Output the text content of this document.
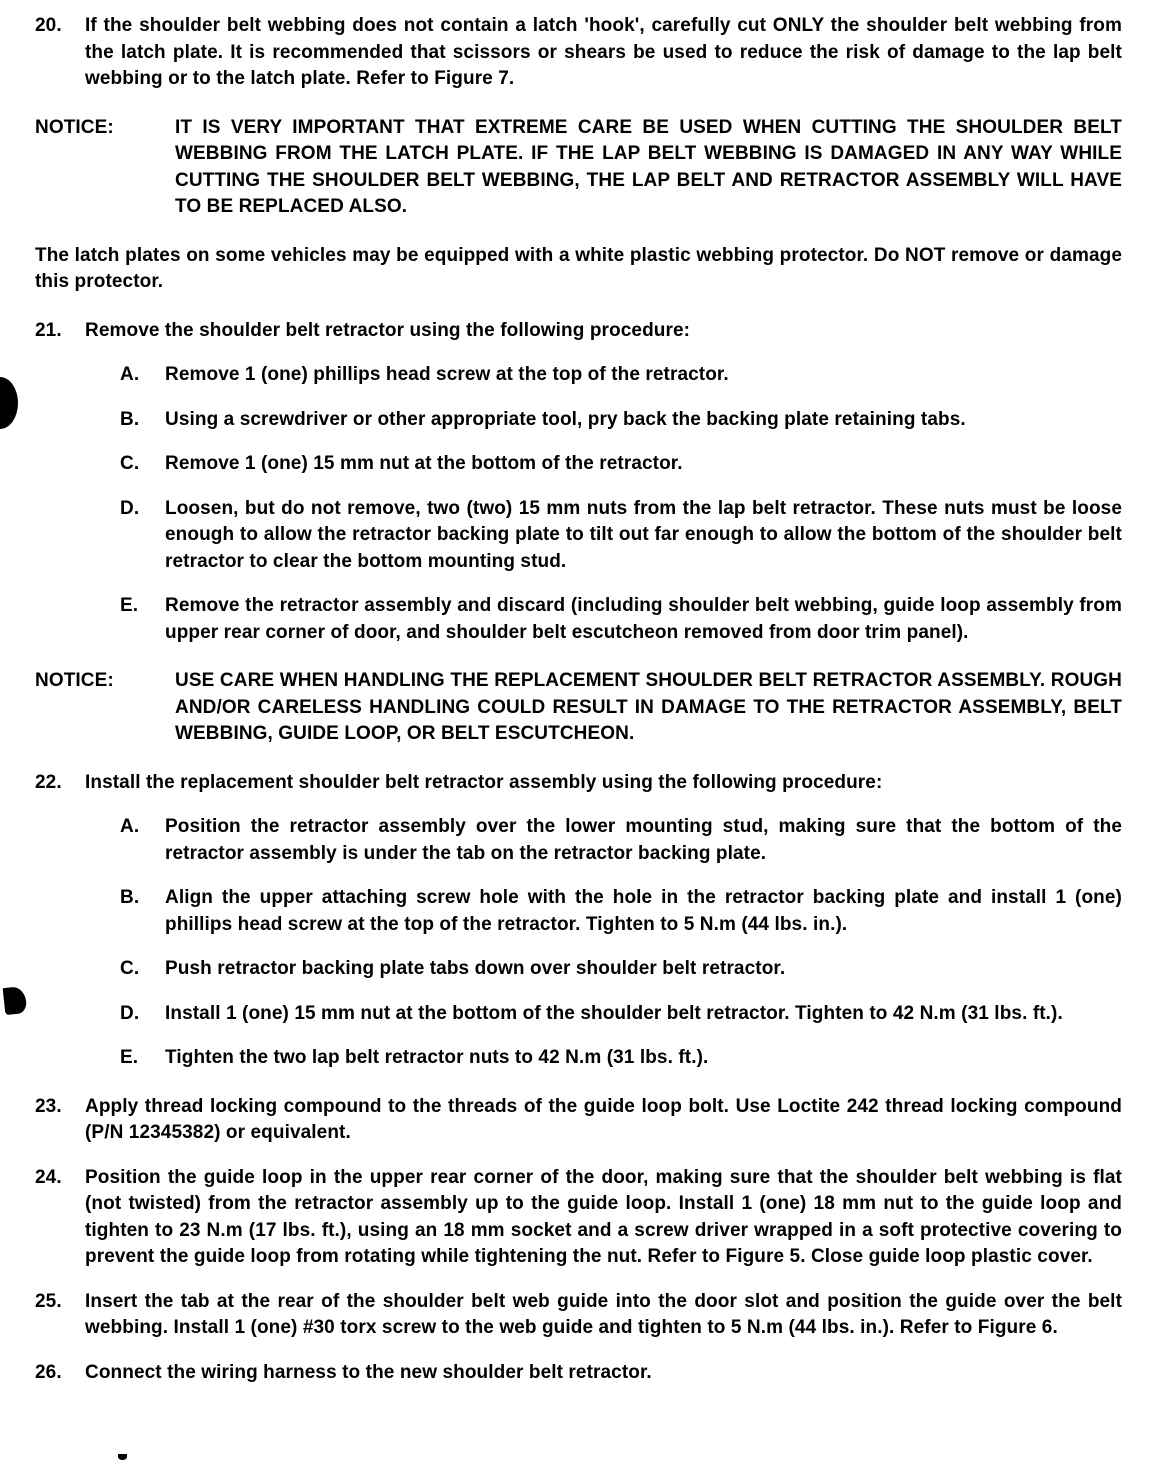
20.	If the shoulder belt webbing does not contain a latch 'hook', carefully cut ONLY the shoulder belt webbing from the latch plate. It is recommended that scissors or shears be used to reduce the risk of damage to the lap belt webbing or to the latch plate. Refer to Figure 7.
NOTICE:	IT IS VERY IMPORTANT THAT EXTREME CARE BE USED WHEN CUTTING THE SHOULDER BELT WEBBING FROM THE LATCH PLATE. IF THE LAP BELT WEBBING IS DAMAGED IN ANY WAY WHILE CUTTING THE SHOULDER BELT WEBBING, THE LAP BELT AND RETRACTOR ASSEMBLY WILL HAVE TO BE REPLACED ALSO.
The latch plates on some vehicles may be equipped with a white plastic webbing protector. Do NOT remove or damage this protector.
21.	Remove the shoulder belt retractor using the following procedure:
A.	Remove 1 (one) phillips head screw at the top of the retractor.
B.	Using a screwdriver or other appropriate tool, pry back the backing plate retaining tabs.
C.	Remove 1 (one) 15 mm nut at the bottom of the retractor.
D.	Loosen, but do not remove, two (two) 15 mm nuts from the lap belt retractor. These nuts must be loose enough to allow the retractor backing plate to tilt out far enough to allow the bottom of the shoulder belt retractor to clear the bottom mounting stud.
E.	Remove the retractor assembly and discard (including shoulder belt webbing, guide loop assembly from upper rear corner of door, and shoulder belt escutcheon removed from door trim panel).
NOTICE:	USE CARE WHEN HANDLING THE REPLACEMENT SHOULDER BELT RETRACTOR ASSEMBLY. ROUGH AND/OR CARELESS HANDLING COULD RESULT IN DAMAGE TO THE RETRACTOR ASSEMBLY, BELT WEBBING, GUIDE LOOP, OR BELT ESCUTCHEON.
22.	Install the replacement shoulder belt retractor assembly using the following procedure:
A.	Position the retractor assembly over the lower mounting stud, making sure that the bottom of the retractor assembly is under the tab on the retractor backing plate.
B.	Align the upper attaching screw hole with the hole in the retractor backing plate and install 1 (one) phillips head screw at the top of the retractor. Tighten to 5 N.m (44 lbs. in.).
C.	Push retractor backing plate tabs down over shoulder belt retractor.
D.	Install 1 (one) 15 mm nut at the bottom of the shoulder belt retractor. Tighten to 42 N.m (31 lbs. ft.).
E.	Tighten the two lap belt retractor nuts to 42 N.m (31 lbs. ft.).
23.	Apply thread locking compound to the threads of the guide loop bolt. Use Loctite 242 thread locking compound (P/N 12345382) or equivalent.
24.	Position the guide loop in the upper rear corner of the door, making sure that the shoulder belt webbing is flat (not twisted) from the retractor assembly up to the guide loop. Install 1 (one) 18 mm nut to the guide loop and tighten to 23 N.m (17 lbs. ft.), using an 18 mm socket and a screw driver wrapped in a soft protective covering to prevent the guide loop from rotating while tightening the nut. Refer to Figure 5. Close guide loop plastic cover.
25.	Insert the tab at the rear of the shoulder belt web guide into the door slot and position the guide over the belt webbing. Install 1 (one) #30 torx screw to the web guide and tighten to 5 N.m (44 lbs. in.). Refer to Figure 6.
26.	Connect the wiring harness to the new shoulder belt retractor.
